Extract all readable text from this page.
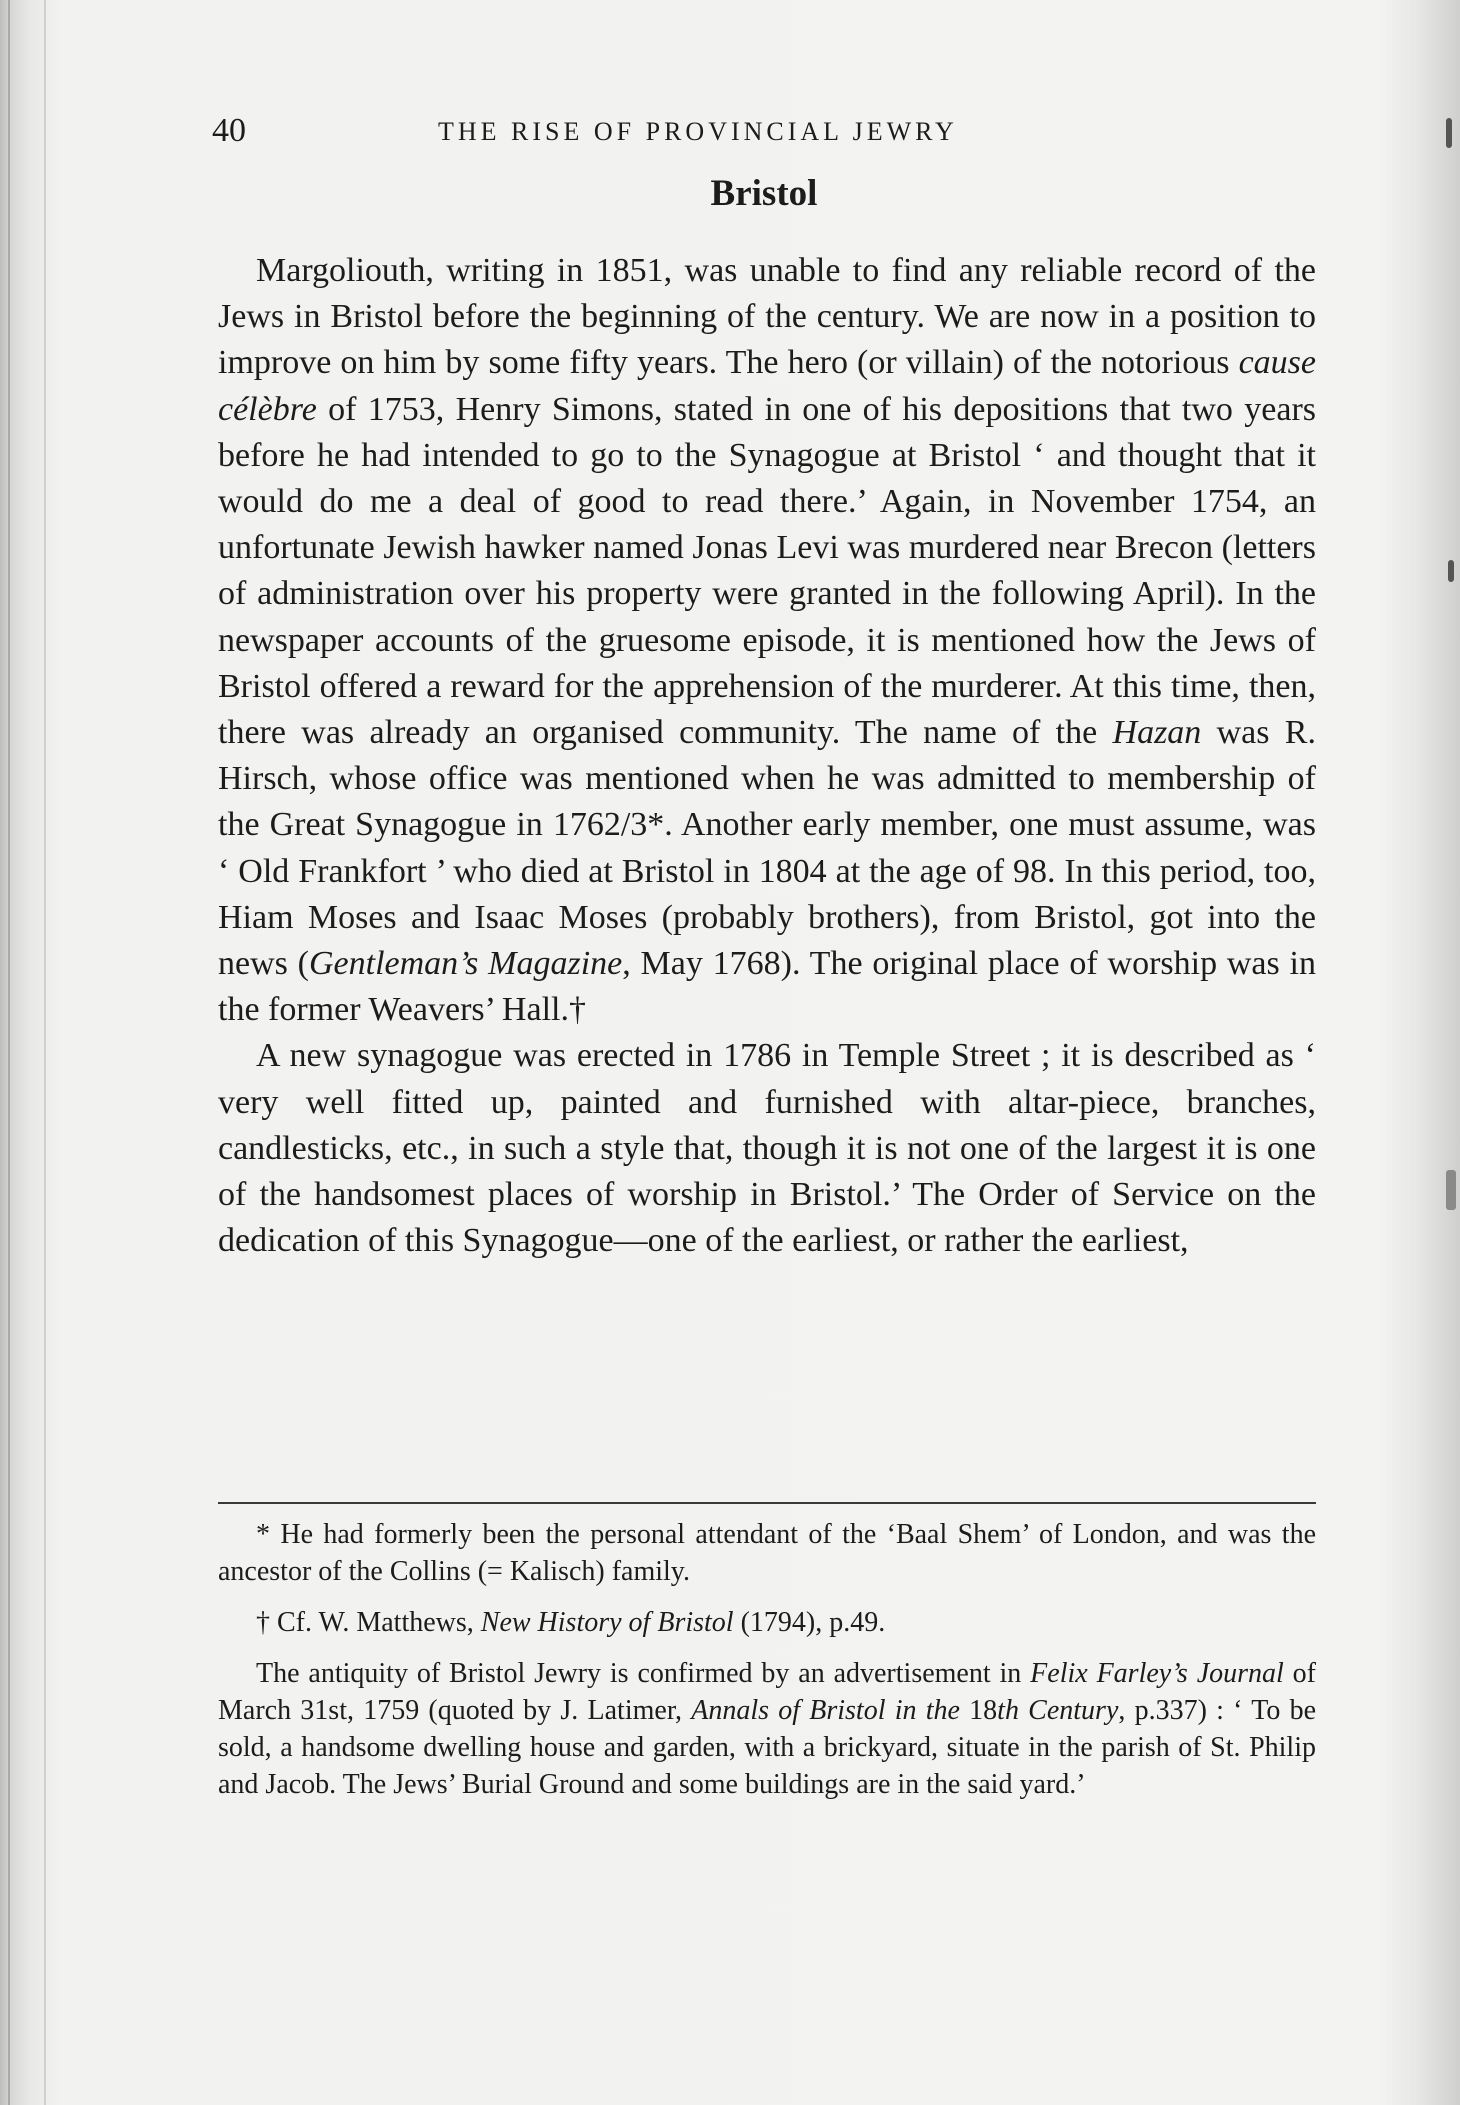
40	THE RISE OF PROVINCIAL JEWRY
Bristol

Margoliouth, writing in 1851, was unable to find any reliable record of the Jews in Bristol before the beginning of the century. We are now in a position to improve on him by some fifty years. The hero (or villain) of the notorious cause célèbre of 1753, Henry Simons, stated in one of his depositions that two years before he had intended to go to the Synagogue at Bristol ‘ and thought that it would do me a deal of good to read there.’ Again, in November 1754, an unfortunate Jewish hawker named Jonas Levi was murdered near Brecon (letters of administration over his property were granted in the following April). In the newspaper accounts of the gruesome episode, it is mentioned how the Jews of Bristol offered a reward for the apprehension of the murderer. At this time, then, there was already an organised community. The name of the Hazan was R. Hirsch, whose office was mentioned when he was admitted to membership of the Great Synagogue in 1762/3*. Another early member, one must assume, was ‘ Old Frankfort ’ who died at Bristol in 1804 at the age of 98. In this period, too, Hiam Moses and Isaac Moses (probably brothers), from Bristol, got into the news (Gentleman’s Magazine, May 1768). The original place of worship was in the former Weavers’ Hall.†

A new synagogue was erected in 1786 in Temple Street ; it is described as ‘ very well fitted up, painted and furnished with altar-piece, branches, candlesticks, etc., in such a style that, though it is not one of the largest it is one of the handsomest places of worship in Bristol.’ The Order of Service on the dedication of this Synagogue—one of the earliest, or rather the earliest,

* He had formerly been the personal attendant of the ‘Baal Shem’ of London, and was the ancestor of the Collins (= Kalisch) family.

† Cf. W. Matthews, New History of Bristol (1794), p.49.

The antiquity of Bristol Jewry is confirmed by an advertisement in Felix Farley’s Journal of March 31st, 1759 (quoted by J. Latimer, Annals of Bristol in the 18th Century, p.337) : ‘ To be sold, a handsome dwelling house and garden, with a brickyard, situate in the parish of St. Philip and Jacob. The Jews’ Burial Ground and some buildings are in the said yard.’
